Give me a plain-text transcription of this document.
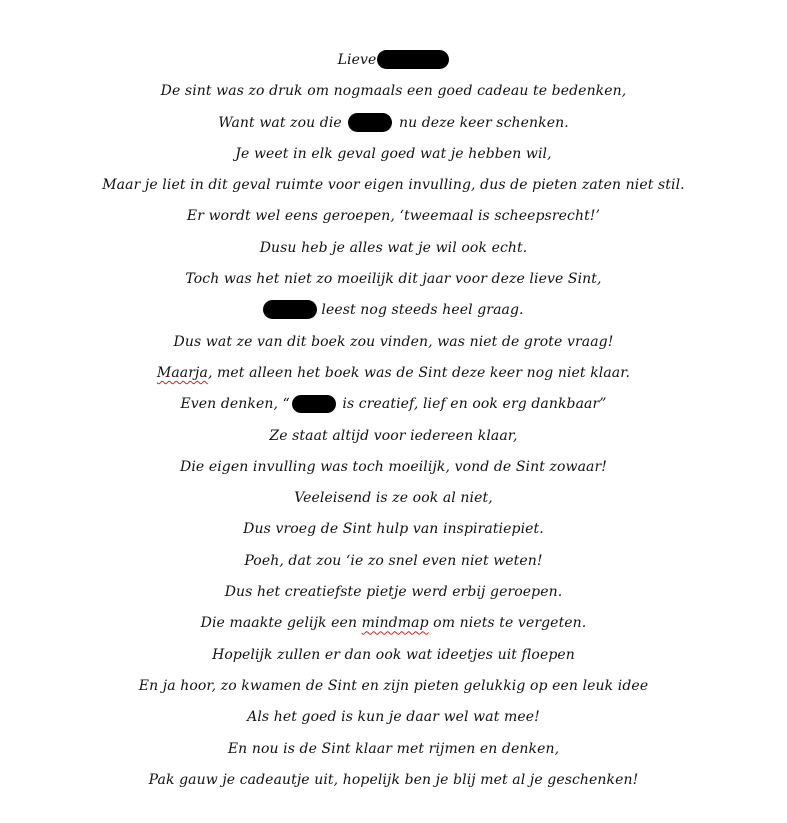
Lieve
De sint was zo druk om nogmaals een goed cadeau te bedenken,
Want wat zou die	nu deze keer schenken.
Je weet in elk geval goed wat je hebben wil,
Maar je liet in dit geval ruimte voor eigen invulling, dus de pieten zaten niet stil.
Er wordt wel eens geroepen, ‘tweemaal is scheepsrecht!’
Dusu heb je alles wat je wil ook echt.
Toch was het niet zo moeilijk dit jaar voor deze lieve Sint,
leest nog steeds heel graag.
Dus wat ze van dit boek zou vinden, was niet de grote vraag!
Maarja, met alleen het boek was de Sint deze keer nog niet klaar.
Even denken, “	is creatief, lief en ook erg dankbaar”
Ze staat altijd voor iedereen klaar,
Die eigen invulling was toch moeilijk, vond de Sint zowaar!
Veeleisend is ze ook al niet,
Dus vroeg de Sint hulp van inspiratiepiet.
Poeh, dat zou ‘ie zo snel even niet weten!
Dus het creatiefste pietje werd erbij geroepen.
Die maakte gelijk een mindmap om niets te vergeten.
Hopelijk zullen er dan ook wat ideetjes uit floepen
En ja hoor, zo kwamen de Sint en zijn pieten gelukkig op een leuk idee
Als het goed is kun je daar wel wat mee!
En nou is de Sint klaar met rijmen en denken,
Pak gauw je cadeautje uit, hopelijk ben je blij met al je geschenken!
